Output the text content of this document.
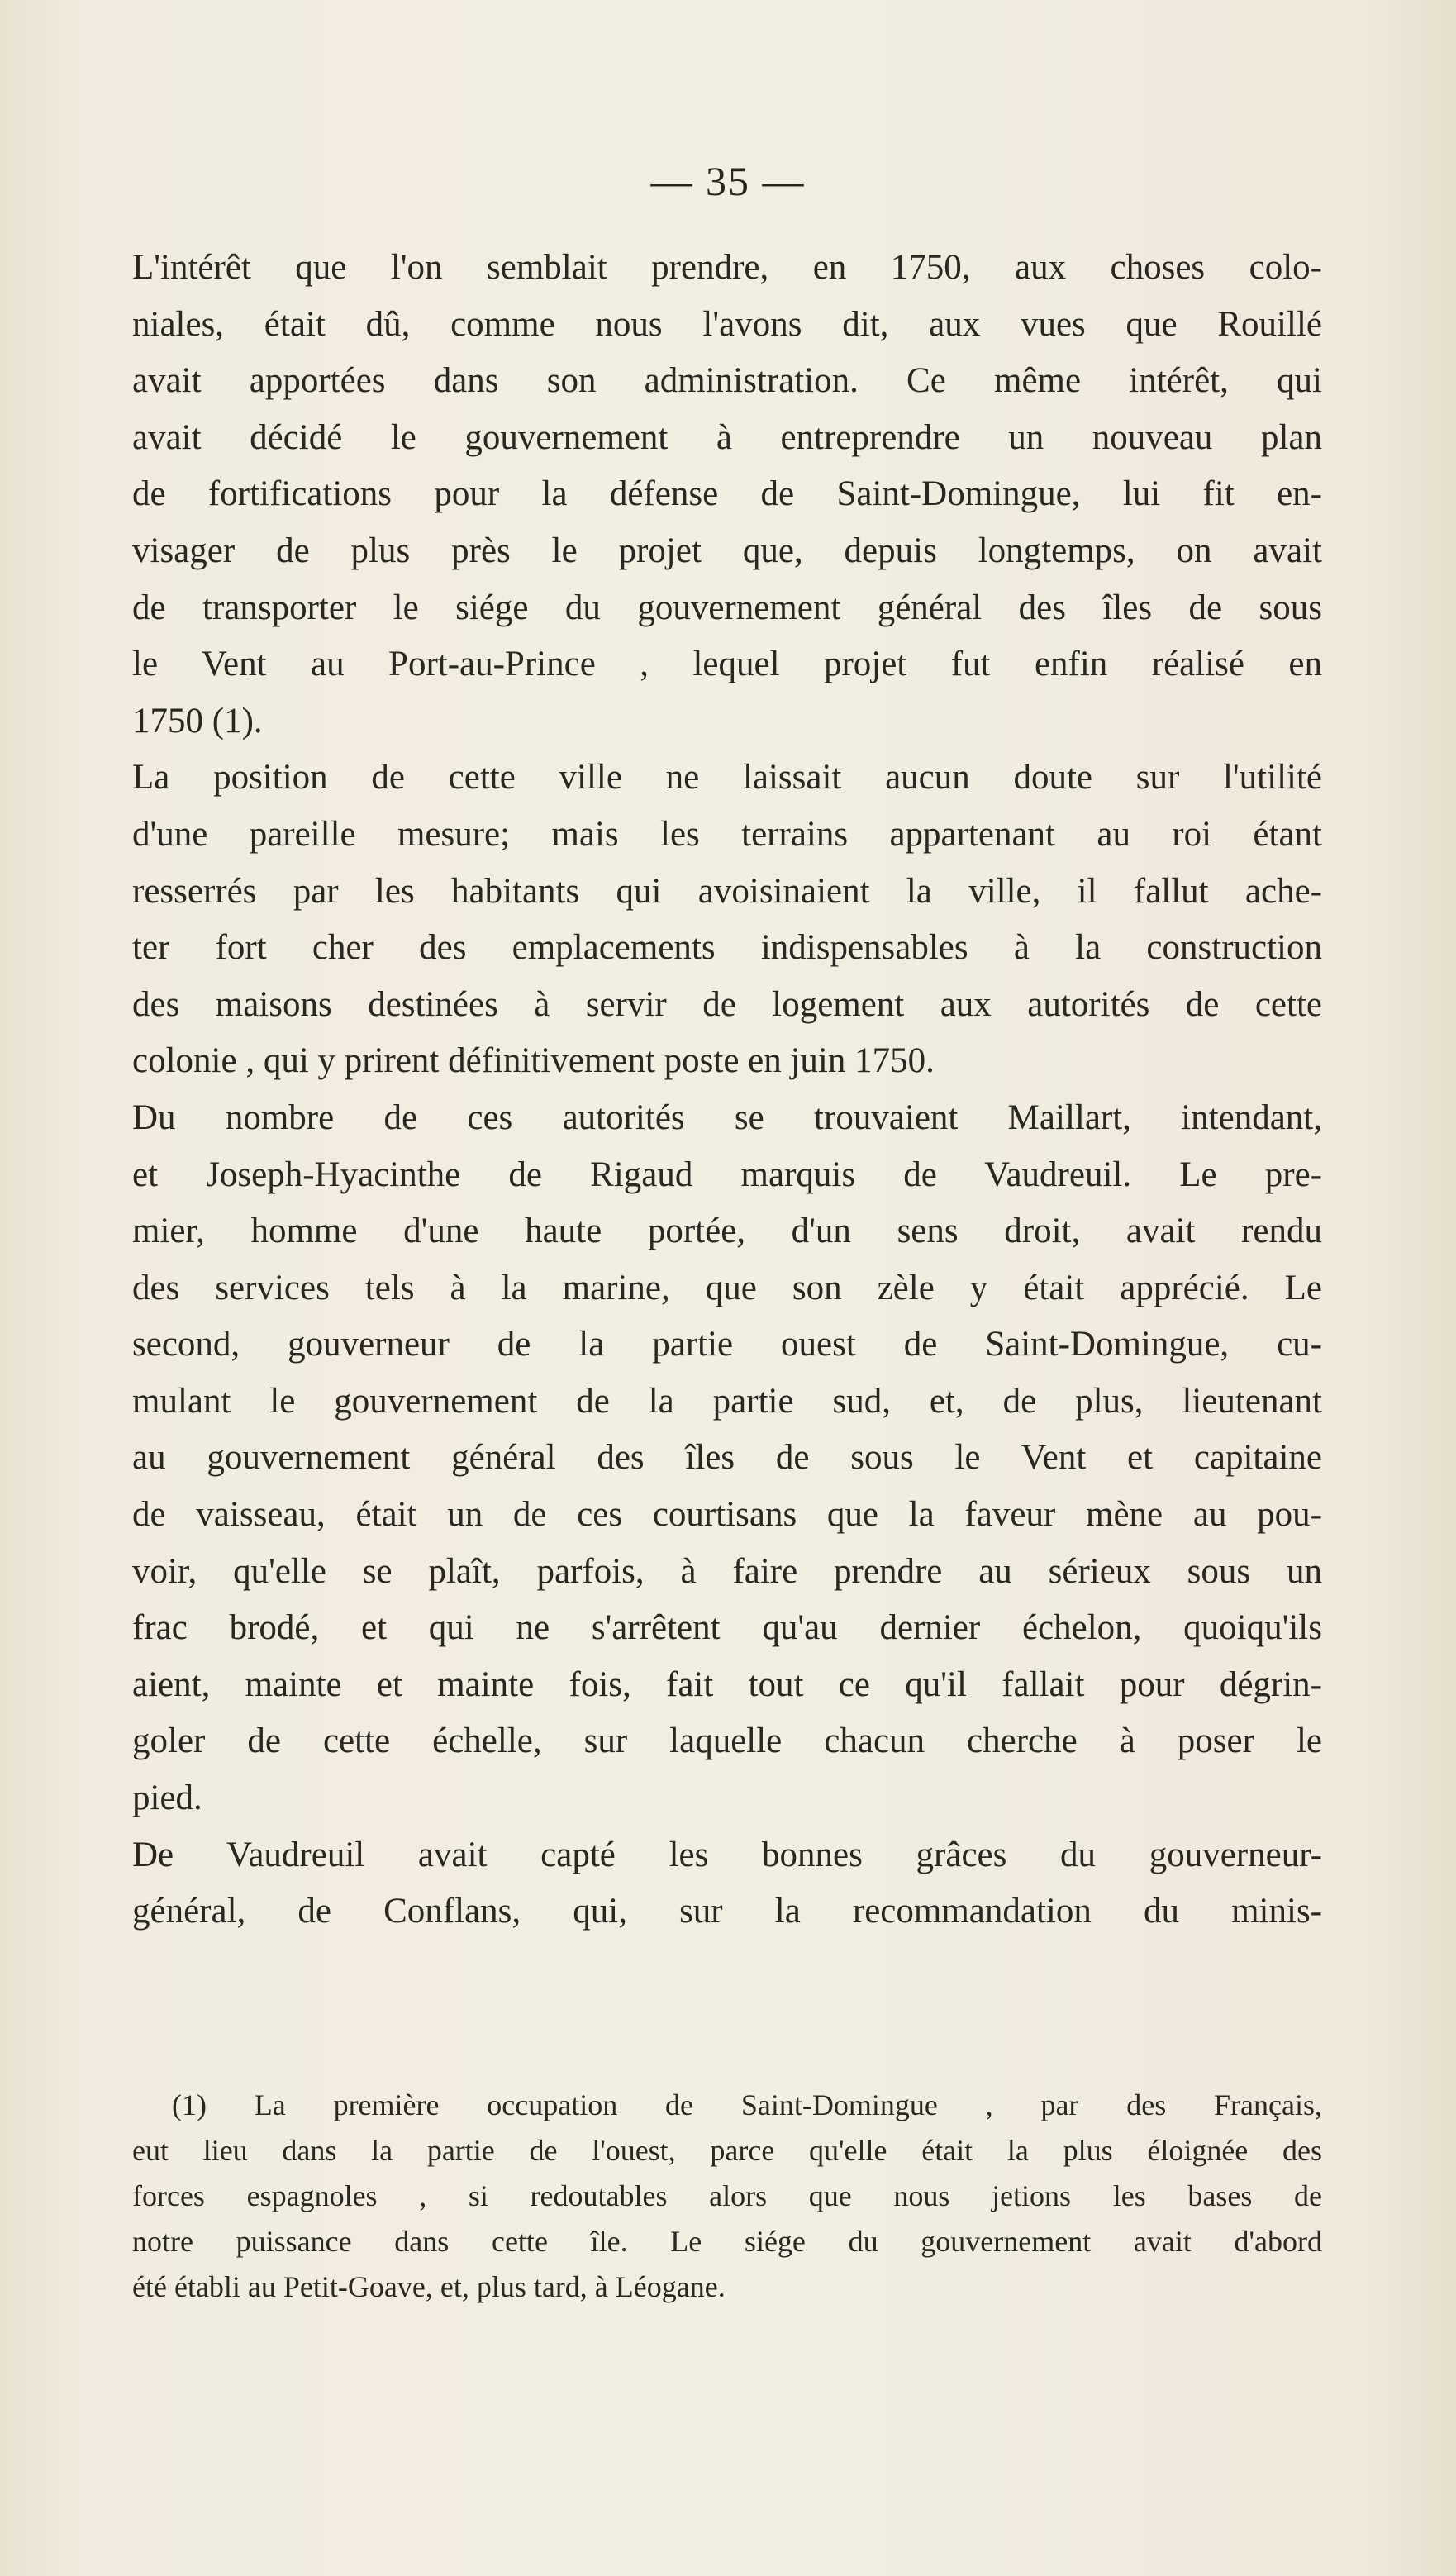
— 35 —

L'intérêt que l'on semblait prendre, en 1750, aux choses colo-
niales, était dû, comme nous l'avons dit, aux vues que Rouillé
avait apportées dans son administration. Ce même intérêt, qui
avait décidé le gouvernement à entreprendre un nouveau plan
de fortifications pour la défense de Saint-Domingue, lui fit en-
visager de plus près le projet que, depuis longtemps, on avait
de transporter le siége du gouvernement général des îles de sous
le Vent au Port-au-Prince , lequel projet fut enfin réalisé en
1750 (1).

La position de cette ville ne laissait aucun doute sur l'utilité
d'une pareille mesure; mais les terrains appartenant au roi étant
resserrés par les habitants qui avoisinaient la ville, il fallut ache-
ter fort cher des emplacements indispensables à la construction
des maisons destinées à servir de logement aux autorités de cette
colonie , qui y prirent définitivement poste en juin 1750.

Du nombre de ces autorités se trouvaient Maillart, intendant,
et Joseph-Hyacinthe de Rigaud marquis de Vaudreuil. Le pre-
mier, homme d'une haute portée, d'un sens droit, avait rendu
des services tels à la marine, que son zèle y était apprécié. Le
second, gouverneur de la partie ouest de Saint-Domingue, cu-
mulant le gouvernement de la partie sud, et, de plus, lieutenant
au gouvernement général des îles de sous le Vent et capitaine
de vaisseau, était un de ces courtisans que la faveur mène au pou-
voir, qu'elle se plaît, parfois, à faire prendre au sérieux sous un
frac brodé, et qui ne s'arrêtent qu'au dernier échelon, quoiqu'ils
aient, mainte et mainte fois, fait tout ce qu'il fallait pour dégrin-
goler de cette échelle, sur laquelle chacun cherche à poser le
pied.

De Vaudreuil avait capté les bonnes grâces du gouverneur-
général, de Conflans, qui, sur la recommandation du minis-

(1) La première occupation de Saint-Domingue , par des Français,
eut lieu dans la partie de l'ouest, parce qu'elle était la plus éloignée des
forces espagnoles , si redoutables alors que nous jetions les bases de
notre puissance dans cette île. Le siége du gouvernement avait d'abord
été établi au Petit-Goave, et, plus tard, à Léogane.
